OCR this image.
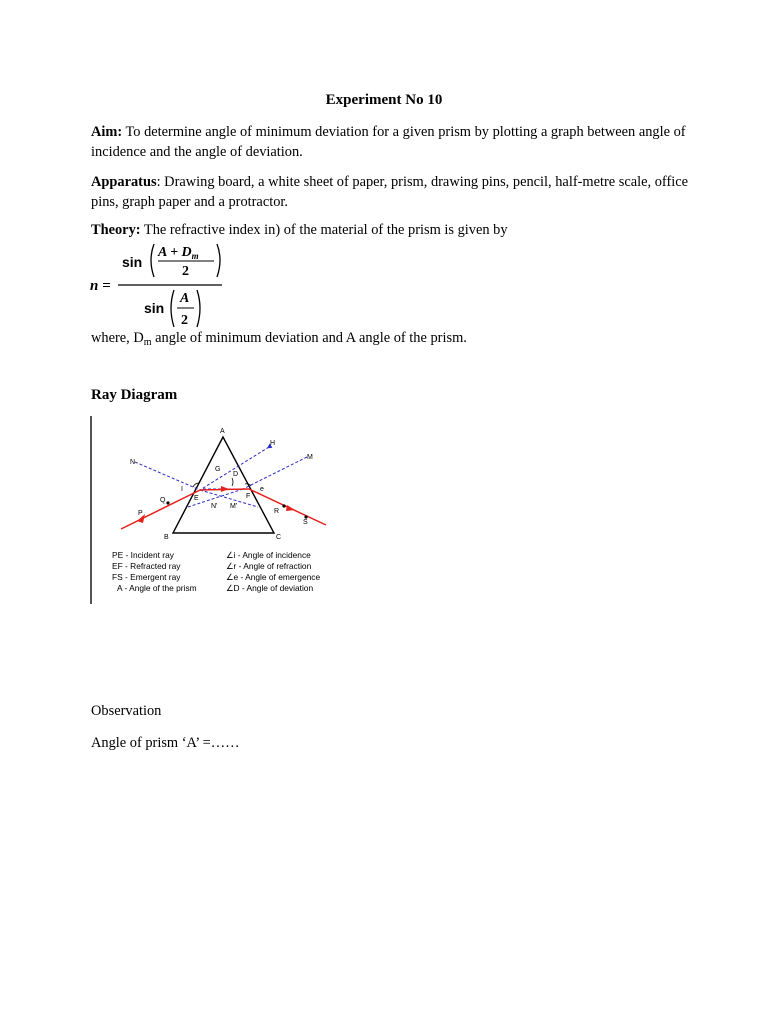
Experiment No 10
Aim: To determine angle of minimum deviation for a given prism by plotting a graph between angle of incidence and the angle of deviation.
Apparatus: Drawing board, a white sheet of paper, prism, drawing pins, pencil, half-metre scale, office pins, graph paper and a protractor.
Theory: The refractive index in) of the material of the prism is given by
n =
sin
$A + D_m$
2
sin
A
2
where, $D_m$ angle of minimum deviation and A angle of the prism.
Ray Diagram
A
H
M
N
G
D
I
E	F
e
Q
P
N' M'
R
S
B	C
PE - Incident ray
EF - Refracted ray
FS - Emergent ray
A - Angle of the prism
∠i - Angle of incidence
∠r - Angle of refraction
∠e - Angle of emergence
∠D - Angle of deviation
Observation
Angle of prism ‘A’ =……
